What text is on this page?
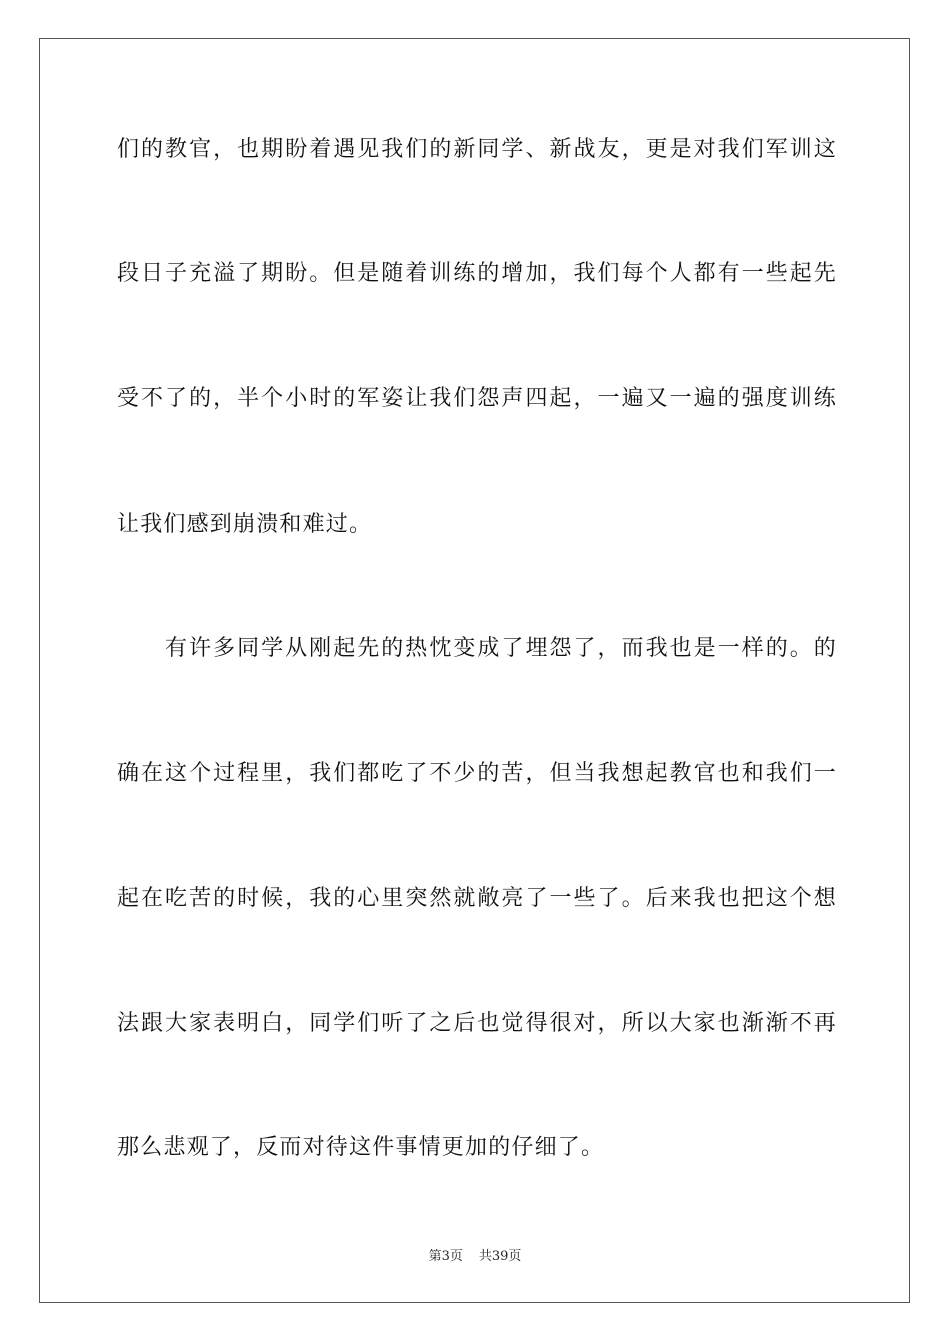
们的教官，也期盼着遇见我们的新同学、新战友，更是对我们军训这
段日子充溢了期盼。但是随着训练的增加，我们每个人都有一些起先
受不了的，半个小时的军姿让我们怨声四起，一遍又一遍的强度训练
让我们感到崩溃和难过。
有许多同学从刚起先的热忱变成了埋怨了，而我也是一样的。的
确在这个过程里，我们都吃了不少的苦，但当我想起教官也和我们一
起在吃苦的时候，我的心里突然就敞亮了一些了。后来我也把这个想
法跟大家表明白，同学们听了之后也觉得很对，所以大家也渐渐不再
那么悲观了，反而对待这件事情更加的仔细了。
第3页 共39页
